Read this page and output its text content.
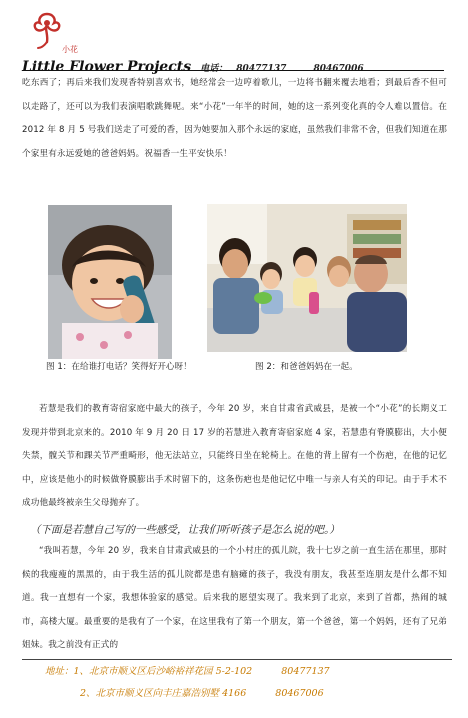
小花
Little Flower Projects 电话： 80477137	80467006

吃东西了；再后来我们发现香特别喜欢书，她经常会一边哼着歌儿，一边将书翻来覆去地看；到最后香不但可以走路了，还可以为我们表演唱歌跳舞呢。来“小花”一年半的时间，她的这一系列变化真的令人难以置信。在 2012 年 8 月 5 号我们送走了可爱的香，因为她要加入那个永远的家庭，虽然我们非常不舍，但我们知道在那个家里有永远爱她的爸爸妈妈。祝福香一生平安快乐！

图 1：在给谁打电话？笑得好开心呀！	图 2：和爸爸妈妈在一起。

若慧是我们的教育寄宿家庭中最大的孩子，今年 20 岁，来自甘肃省武威县，是被一个“小花”的长期义工发现并带到北京来的。2010 年 9 月 20 日 17 岁的若慧进入教育寄宿家庭 4 家，若慧患有脊膜膨出，大小便失禁，髋关节和踝关节严重畸形，他无法站立，只能终日坐在轮椅上。在他的背上留有一个伤疤，在他的记忆中，应该是他小的时候做脊膜膨出手术时留下的，这条伤疤也是他记忆中唯一与亲人有关的印记。由于手术不成功他最终被亲生父母抛弃了。

（下面是若慧自己写的一些感受，让我们听听孩子是怎么说的吧。）

“我叫若慧，今年 20 岁，我来自甘肃武威县的一个小村庄的孤儿院，我十七岁之前一直生活在那里，那时候的我瘦瘦的黑黑的，由于我生活的孤儿院都是患有脑瘫的孩子，我没有朋友，我甚至连朋友是什么都不知道。我一直想有一个家，我想体验家的感觉。后来我的愿望实现了。我来到了北京，来到了首都，热闹的城市，高楼大厦。最重要的是我有了一个家，在这里我有了第一个朋友，第一个爸爸，第一个妈妈，还有了兄弟姐妹。我之前没有正式的

地址：1、北京市顺义区后沙峪裕祥花园 5-2-102	80477137
2、北京市顺义区向丰庄嘉浩别墅 4166	80467006
